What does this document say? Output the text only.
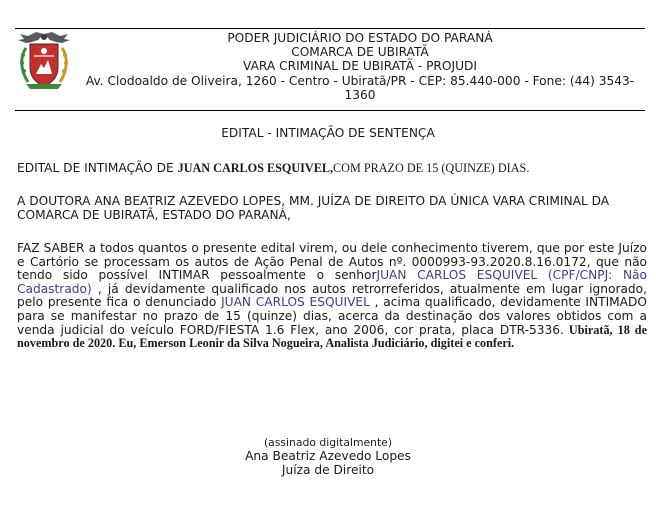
PODER JUDICIÁRIO DO ESTADO DO PARANÁ
COMARCA DE UBIRATÃ
VARA CRIMINAL DE UBIRATÃ - PROJUDI
Av. Clodoaldo de Oliveira, 1260 - Centro - Ubiratã/PR - CEP: 85.440-000 - Fone: (44) 3543-1360
EDITAL - INTIMAÇÃO DE SENTENÇA
EDITAL DE INTIMAÇÃO DE JUAN CARLOS ESQUIVEL,COM PRAZO DE 15 (QUINZE) DIAS.
A DOUTORA ANA BEATRIZ AZEVEDO LOPES, MM. JUÍZA DE DIREITO DA ÚNICA VARA CRIMINAL DA COMARCA DE UBIRATÃ, ESTADO DO PARANÁ,
FAZ SABER a todos quantos o presente edital virem, ou dele conhecimento tiverem, que por este Juízo e Cartório se processam os autos de Ação Penal de Autos nº. 0000993-93.2020.8.16.0172, que não tendo sido possível INTIMAR pessoalmente o senhorJUAN CARLOS ESQUIVEL (CPF/CNPJ: Não Cadastrado) , já devidamente qualificado nos autos retrorreferidos, atualmente em lugar ignorado, pelo presente fica o denunciado JUAN CARLOS ESQUIVEL , acima qualificado, devidamente INTIMADO para se manifestar no prazo de 15 (quinze) dias, acerca da destinação dos valores obtidos com a venda judicial do veículo FORD/FIESTA 1.6 Flex, ano 2006, cor prata, placa DTR-5336. Ubiratã, 18 de novembro de 2020. Eu, Emerson Leonir da Silva Nogueira, Analista Judiciário, digitei e conferi.
(assinado digitalmente)
Ana Beatriz Azevedo Lopes
Juíza de Direito
